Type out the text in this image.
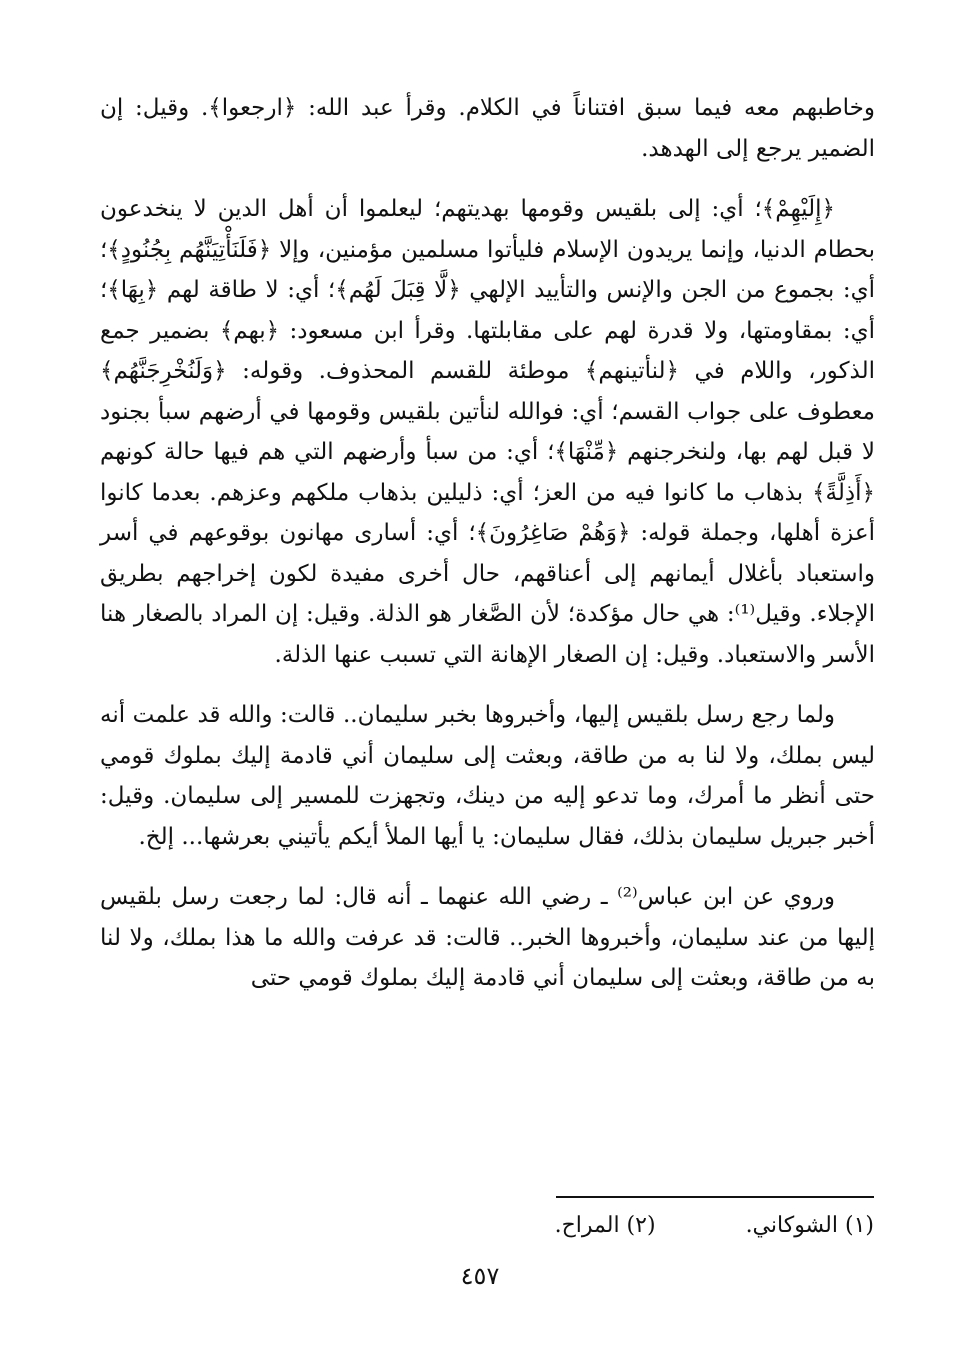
وخاطبهم معه فيما سبق افتناناً في الكلام. وقرأ عبد الله: ﴿ارجعوا﴾. وقيل: إن الضمير يرجع إلى الهدهد.

﴿إِلَيْهِمْ﴾؛ أي: إلى بلقيس وقومها بهديتهم؛ ليعلموا أن أهل الدين لا ينخدعون بحطام الدنيا، وإنما يريدون الإسلام فليأتوا مسلمين مؤمنين، وإلا ﴿فَلَنَأْتِيَنَّهُم بِجُنُودٍ﴾؛ أي: بجموع من الجن والإنس والتأييد الإلهي ﴿لَّا قِبَلَ لَهُم﴾؛ أي: لا طاقة لهم ﴿بِهَا﴾؛ أي: بمقاومتها، ولا قدرة لهم على مقابلتها. وقرأ ابن مسعود: ﴿بهم﴾ بضمير جمع الذكور، واللام في ﴿لنأتينهم﴾ موطئة للقسم المحذوف. وقوله: ﴿وَلَنُخْرِجَنَّهُم﴾ معطوف على جواب القسم؛ أي: فوالله لنأتين بلقيس وقومها في أرضهم سبأ بجنود لا قبل لهم بها، ولنخرجنهم ﴿مِّنْهَا﴾؛ أي: من سبأ وأرضهم التي هم فيها حالة كونهم ﴿أَذِلَّةً﴾ بذهاب ما كانوا فيه من العز؛ أي: ذليلين بذهاب ملكهم وعزهم. بعدما كانوا أعزة أهلها، وجملة قوله: ﴿وَهُمْ صَاغِرُونَ﴾؛ أي: أسارى مهانون بوقوعهم في أسر واستعباد بأغلال أيمانهم إلى أعناقهم، حال أخرى مفيدة لكون إخراجهم بطريق الإجلاء. وقيل⁽¹⁾: هي حال مؤكدة؛ لأن الصَّغار هو الذلة. وقيل: إن المراد بالصغار هنا الأسر والاستعباد. وقيل: إن الصغار الإهانة التي تسبب عنها الذلة.

ولما رجع رسل بلقيس إليها، وأخبروها بخبر سليمان.. قالت: والله قد علمت أنه ليس بملك، ولا لنا به من طاقة، وبعثت إلى سليمان أني قادمة إليك بملوك قومي حتى أنظر ما أمرك، وما تدعو إليه من دينك، وتجهزت للمسير إلى سليمان. وقيل: أخبر جبريل سليمان بذلك، فقال سليمان: يا أيها الملأ أيكم يأتيني بعرشها... إلخ.

وروي عن ابن عباس⁽²⁾ ـ رضي الله عنهما ـ أنه قال: لما رجعت رسل بلقيس إليها من عند سليمان، وأخبروها الخبر.. قالت: قد عرفت والله ما هذا بملك، ولا لنا به من طاقة، وبعثت إلى سليمان أني قادمة إليك بملوك قومي حتى

(١) الشوكاني.(٢) المراح.
٤٥٧
